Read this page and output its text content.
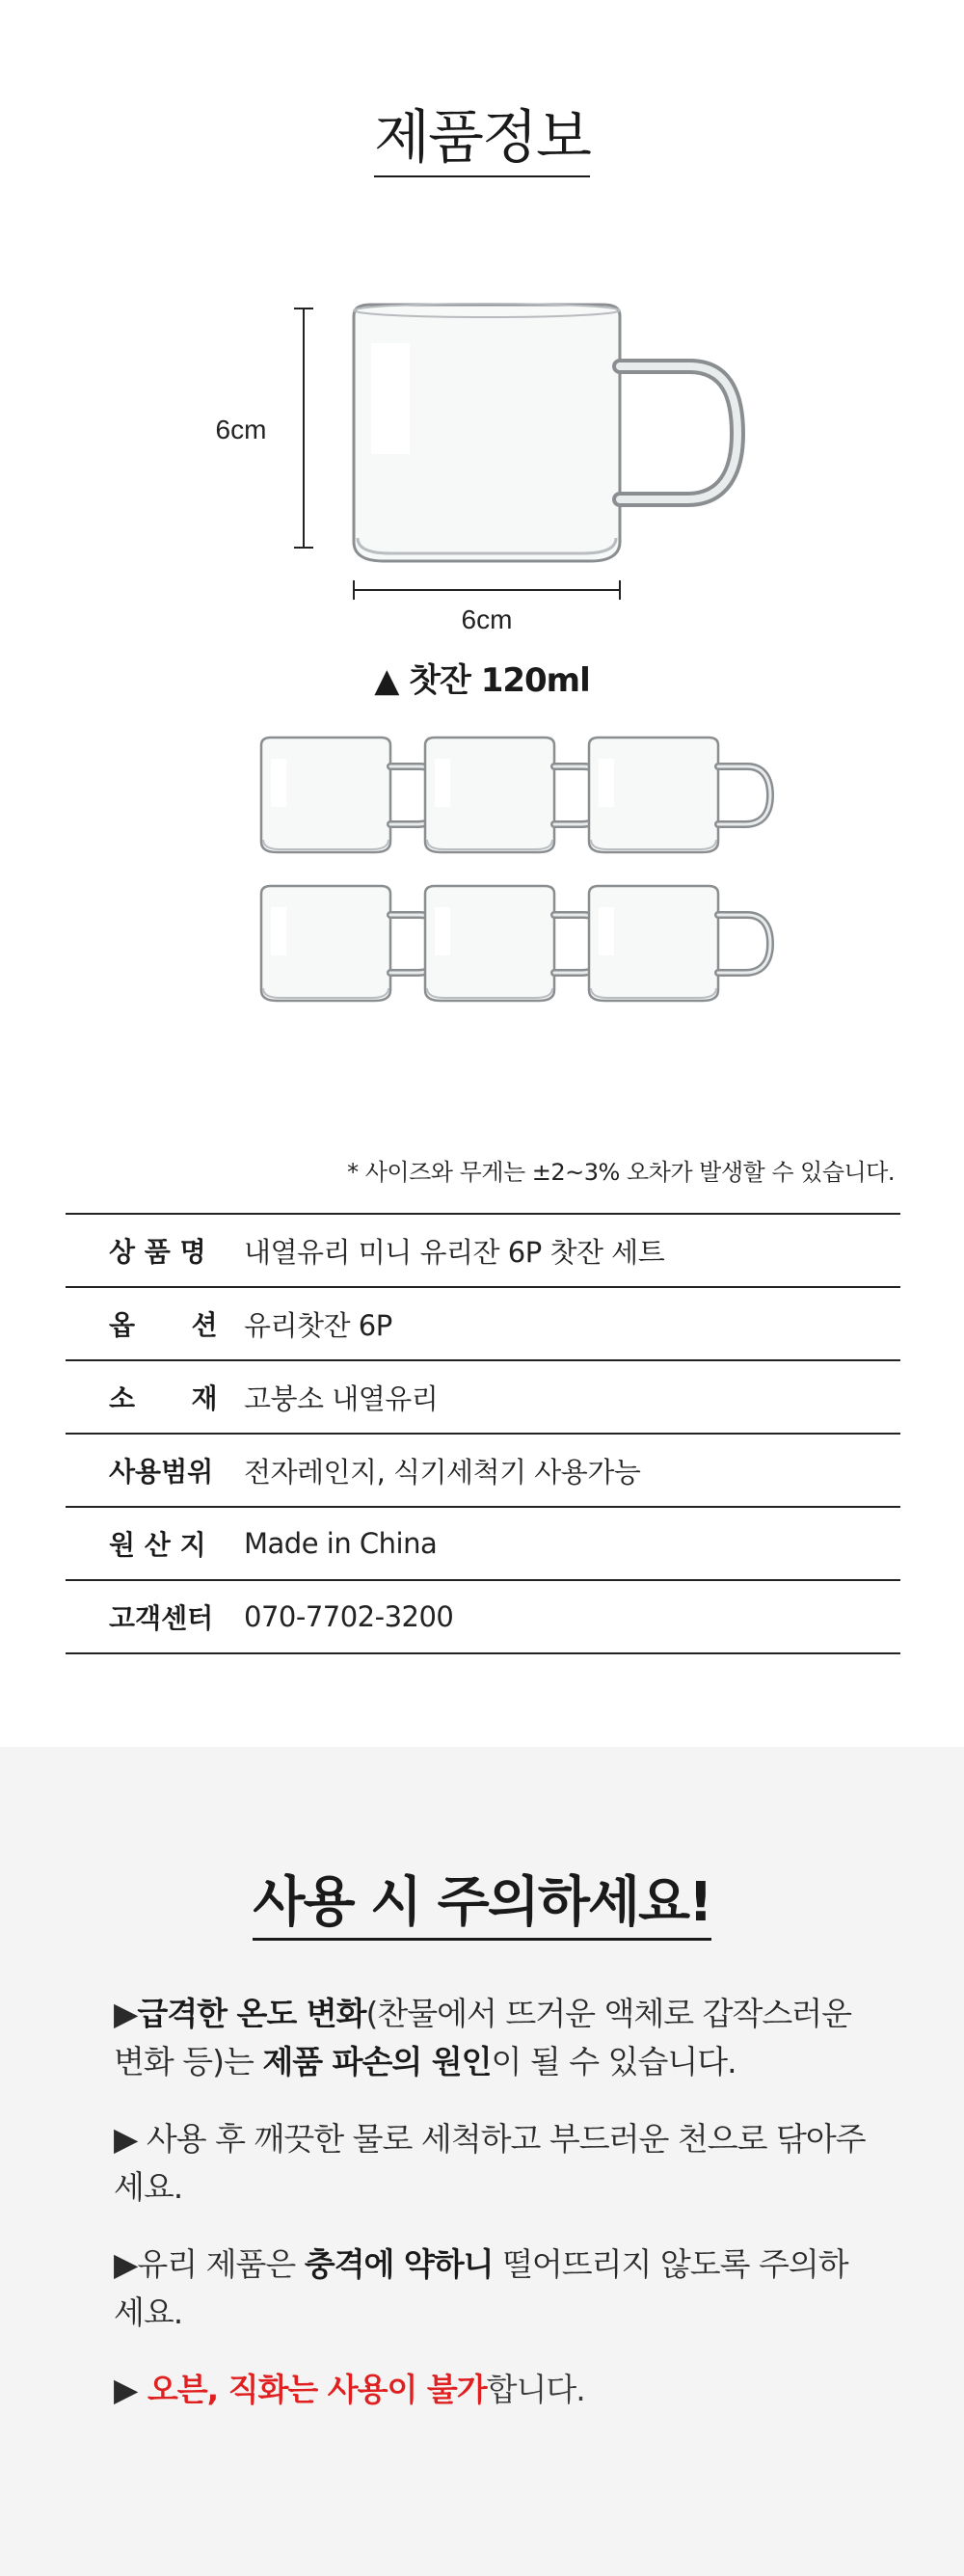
제품정보
6cm
6cm
▲ 찻잔 120ml
* 사이즈와 무게는 ±2~3% 오차가 발생할 수 있습니다.
상 품 명	내열유리 미니 유리잔 6P 찻잔 세트
옵      션 유리찻잔 6P
소      재 고붕소 내열유리
사용범위	전자레인지, 식기세척기 사용가능
원 산 지	Made in China
고객센터	070-7702-3200
사용 시 주의하세요!

▶급격한 온도 변화(찬물에서 뜨거운 액체로 갑작스러운 변화 등)는 제품 파손의 원인이 될 수 있습니다.

▶ 사용 후 깨끗한 물로 세척하고 부드러운 천으로 닦아주세요.

▶유리 제품은 충격에 약하니 떨어뜨리지 않도록 주의하세요.

▶ 오븐, 직화는 사용이 불가합니다.
